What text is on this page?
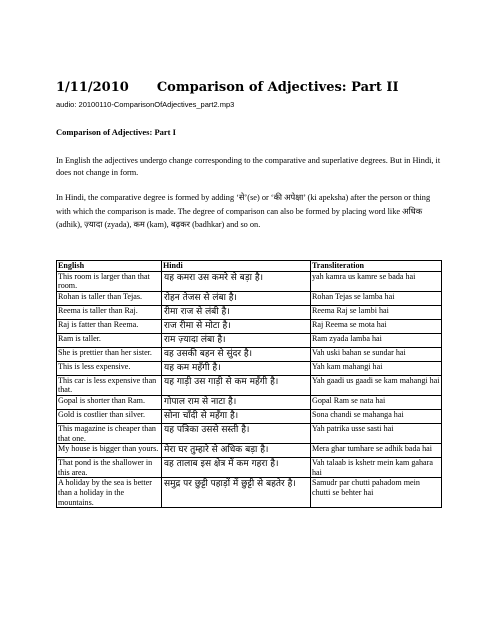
1/11/2010 Comparison of Adjectives: Part II
audio: 20100110-ComparisonOfAdjectives_part2.mp3
Comparison of Adjectives: Part I
In English the adjectives undergo change corresponding to the comparative and superlative degrees. But in Hindi, it does not change in form.
In Hindi, the comparative degree is formed by adding ‘से’(se) or ‘की अपेक्षा’ (ki apeksha) after the person or thing with which the comparison is made. The degree of comparison can also be formed by placing word like अधिक (adhik), ज़्यादा (zyada), कम (kam), बढ़कर (badhkar) and so on.
English	Hindi	Transliteration
This room is larger than that room.	यह कमरा उस कमरे से बड़ा है।	yah kamra us kamre se bada hai
Rohan is taller than Tejas.	रोहन तेजस से लंबा है।	Rohan Tejas se lamba hai
Reema is taller than Raj.	रीमा राज से लंबी है।	Reema Raj se lambi hai
Raj is fatter than Reema.	राज रीमा से मोटा है।	Raj Reema se mota hai
Ram is taller.	राम ज़्यादा लंबा है।	Ram zyada lamba hai
She is prettier than her sister.	वह उसकी बहन से सुंदर है।	Vah uski bahan se sundar hai
This is less expensive.	यह कम महँगी है।	Yah kam mahangi hai
This car is less expensive than that.	यह गाड़ी उस गाड़ी से कम महँगी है।	Yah gaadi us gaadi se kam mahangi hai
Gopal is shorter than Ram.	गोपाल राम से नाटा है।	Gopal Ram se nata hai
Gold is costlier than silver.	सोना चाँदी से महँगा है।	Sona chandi se mahanga hai
This magazine is cheaper than that one.	यह पत्रिका उससे सस्ती है।	Yah patrika usse sasti hai
My house is bigger than yours.	मेरा घर तुम्हारे से अधिक बड़ा है।	Mera ghar tumhare se adhik bada hai
That pond is the shallower in this area.	वह तालाब इस क्षेत्र में कम गहरा है।	Vah talaab is kshetr mein kam gahara hai
A holiday by the sea is better than a holiday in the mountains.	समुद्र पर छुट्टी पहाड़ों में छुट्टी से बहतेर है।	Samudr par chutti pahadom mein chutti se behter hai
